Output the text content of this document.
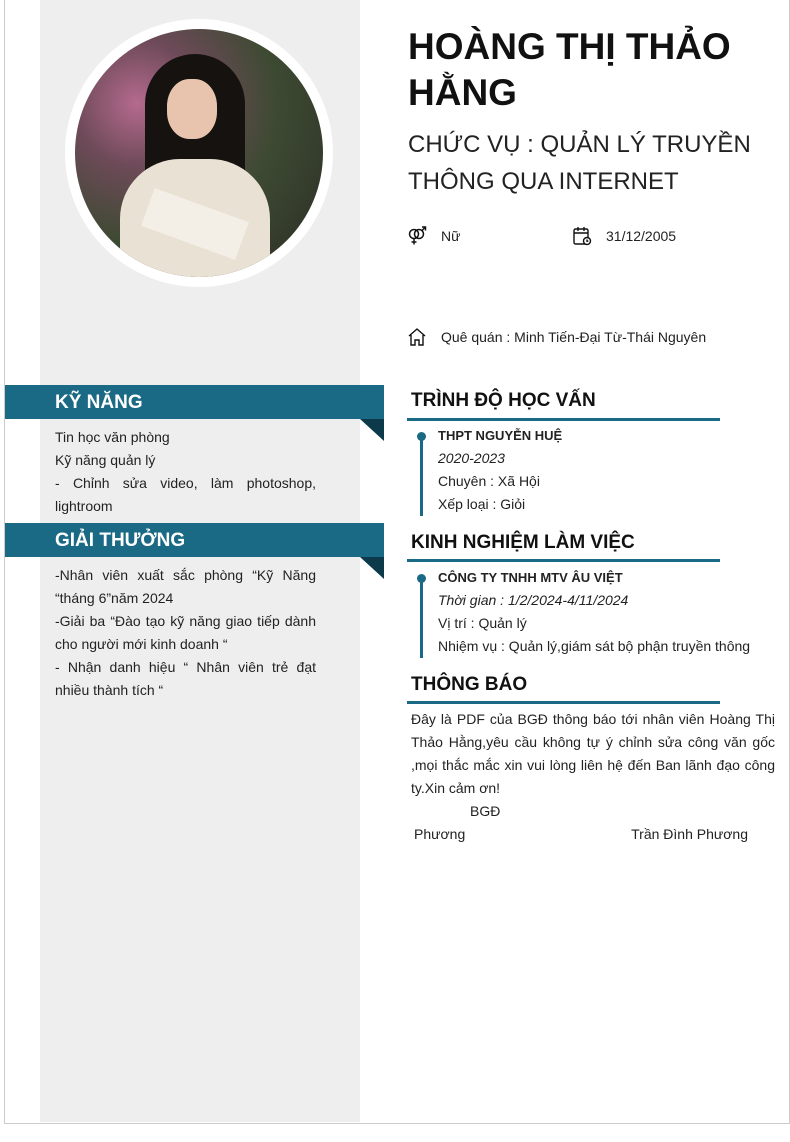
KỸ NĂNG
Tin học văn phòng
Kỹ năng quản lý
- Chỉnh sửa video, làm photoshop, lightroom
GIẢI THƯỞNG
-Nhân viên xuất sắc phòng “Kỹ Năng “tháng 6”năm 2024
-Giải ba “Đào tạo kỹ năng giao tiếp dành cho người mới kinh doanh “
- Nhận danh hiệu “ Nhân viên trẻ đạt nhiều thành tích “
HOÀNG THỊ THẢO HẰNG
CHỨC VỤ : QUẢN LÝ TRUYỀN THÔNG QUA INTERNET
Nữ	31/12/2005
Quê quán : Minh Tiến-Đại Từ-Thái Nguyên
TRÌNH ĐỘ HỌC VẤN
THPT NGUYỄN HUỆ
2020-2023
Chuyên : Xã Hội
Xếp loại : Giỏi
KINH NGHIỆM LÀM VIỆC
CÔNG TY TNHH MTV ÂU VIỆT
Thời gian : 1/2/2024-4/11/2024
Vị trí : Quản lý
Nhiệm vụ : Quản lý,giám sát bộ phận truyền thông
THÔNG BÁO
Đây là PDF của BGĐ thông báo tới nhân viên Hoàng Thị Thảo Hằng,yêu cầu không tự ý chỉnh sửa công văn gốc ,mọi thắc mắc xin vui lòng liên hệ đến Ban lãnh đạo công ty.Xin cảm ơn!
BGĐ
Phương	Trần Đình Phương
